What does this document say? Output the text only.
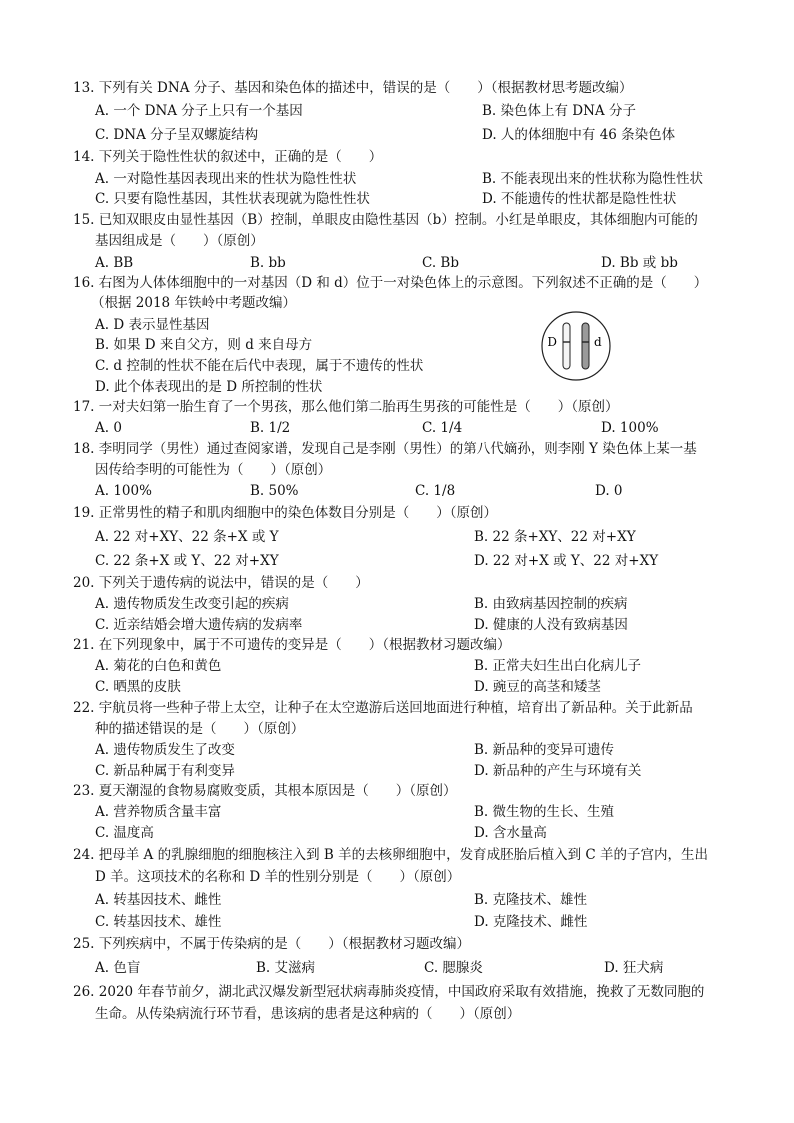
13. 下列有关 DNA 分子、基因和染色体的描述中，错误的是（　　）（根据教材思考题改编）
A. 一个 DNA 分子上只有一个基因	B. 染色体上有 DNA 分子
C. DNA 分子呈双螺旋结构	D. 人的体细胞中有 46 条染色体
14. 下列关于隐性性状的叙述中，正确的是（　　）
A. 一对隐性基因表现出来的性状为隐性性状	B. 不能表现出来的性状称为隐性性状
C. 只要有隐性基因，其性状表现就为隐性性状	D. 不能遗传的性状都是隐性性状
15. 已知双眼皮由显性基因（B）控制，单眼皮由隐性基因（b）控制。小红是单眼皮，其体细胞内可能的
基因组成是（　　）（原创）
A. BB	B. bb	C. Bb	D. Bb 或 bb
16. 右图为人体体细胞中的一对基因（D 和 d）位于一对染色体上的示意图。下列叙述不正确的是（　　）
（根据 2018 年铁岭中考题改编）
A. D 表示显性基因
B. 如果 D 来自父方，则 d 来自母方
C. d 控制的性状不能在后代中表现，属于不遗传的性状
D. 此个体表现出的是 D 所控制的性状
D	d
17. 一对夫妇第一胎生育了一个男孩，那么他们第二胎再生男孩的可能性是（　　）（原创）
A. 0	B. 1/2	C. 1/4	D. 100%
18. 李明同学（男性）通过查阅家谱，发现自己是李刚（男性）的第八代嫡孙，则李刚 Y 染色体上某一基
因传给李明的可能性为（　　）（原创）
A. 100%	B. 50%	C. 1/8	D. 0
19. 正常男性的精子和肌肉细胞中的染色体数目分别是（　　）（原创）
A. 22 对+XY、22 条+X 或 Y	B. 22 条+XY、22 对+XY
C. 22 条+X 或 Y、22 对+XY	D. 22 对+X 或 Y、22 对+XY
20. 下列关于遗传病的说法中，错误的是（　　）
A. 遗传物质发生改变引起的疾病	B. 由致病基因控制的疾病
C. 近亲结婚会增大遗传病的发病率	D. 健康的人没有致病基因
21. 在下列现象中，属于不可遗传的变异是（　　）（根据教材习题改编）
A. 菊花的白色和黄色	B. 正常夫妇生出白化病儿子
C. 晒黑的皮肤	D. 豌豆的高茎和矮茎
22. 宇航员将一些种子带上太空，让种子在太空遨游后送回地面进行种植，培育出了新品种。关于此新品
种的描述错误的是（　　）（原创）
A. 遗传物质发生了改变	B. 新品种的变异可遗传
C. 新品种属于有利变异	D. 新品种的产生与环境有关
23. 夏天潮湿的食物易腐败变质，其根本原因是（　　）（原创）
A. 营养物质含量丰富	B. 微生物的生长、生殖
C. 温度高	D. 含水量高
24. 把母羊 A 的乳腺细胞的细胞核注入到 B 羊的去核卵细胞中，发育成胚胎后植入到 C 羊的子宫内，生出
D 羊。这项技术的名称和 D 羊的性别分别是（　　）（原创）
A. 转基因技术、雌性	B. 克隆技术、雄性
C. 转基因技术、雄性	D. 克隆技术、雌性
25. 下列疾病中，不属于传染病的是（　　）（根据教材习题改编）
A. 色盲	B. 艾滋病	C. 腮腺炎	D. 狂犬病
26. 2020 年春节前夕，湖北武汉爆发新型冠状病毒肺炎疫情，中国政府采取有效措施，挽救了无数同胞的
生命。从传染病流行环节看，患该病的患者是这种病的（　　）（原创）
